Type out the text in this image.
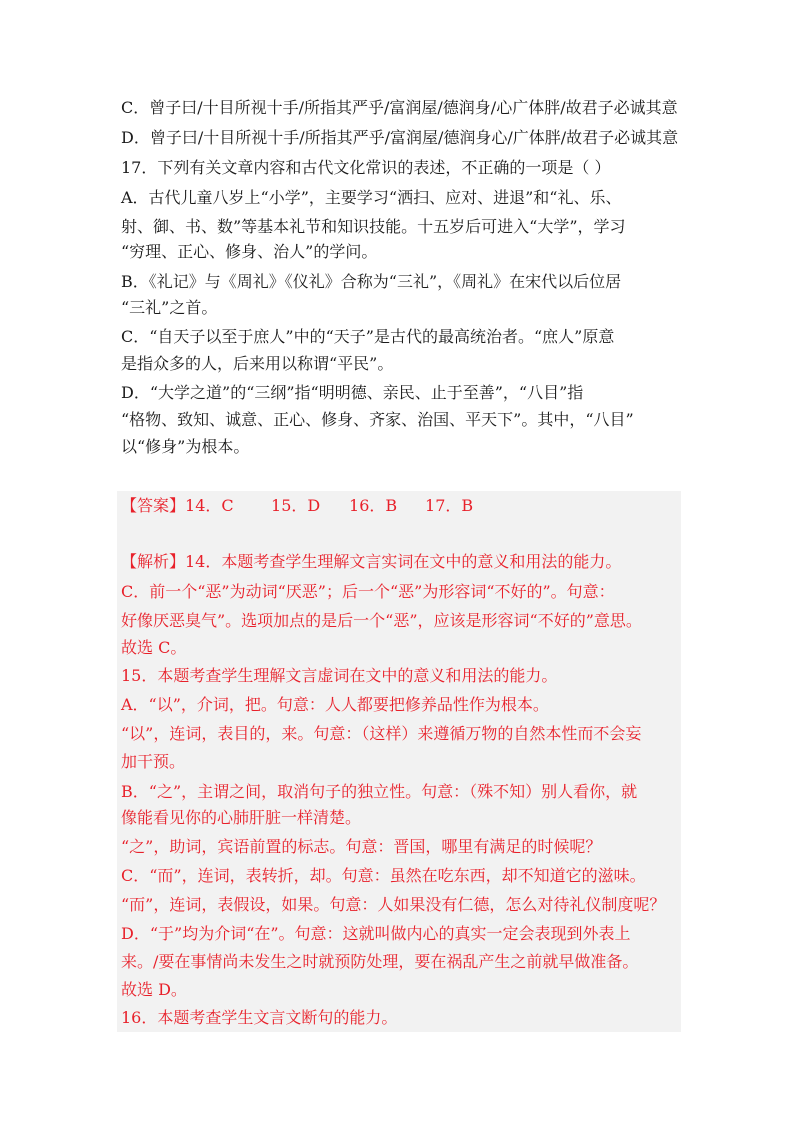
C．曾子曰/十目所视十手/所指其严乎/富润屋/德润身/心广体胖/故君子必诚其意
D．曾子曰/十目所视十手/所指其严乎/富润屋/德润身心/广体胖/故君子必诚其意
17．下列有关文章内容和古代文化常识的表述，不正确的一项是（ ）
A．古代儿童八岁上“小学”，主要学习“洒扫、应对、进退”和“礼、乐、
射、御、书、数”等基本礼节和知识技能。十五岁后可进入“大学”，学习
“穷理、正心、修身、治人”的学问。
B．《礼记》与《周礼》《仪礼》合称为“三礼”，《周礼》在宋代以后位居
“三礼”之首。
C．“自天子以至于庶人”中的“天子”是古代的最高统治者。“庶人”原意
是指众多的人，后来用以称谓“平民”。
D．“大学之道”的“三纲”指“明明德、亲民、止于至善”，“八目”指
“格物、致知、诚意、正心、修身、齐家、治国、平天下”。其中，“八目”
以“修身”为根本。
【答案】14．C 15．D 16．B 17．B
【解析】14．本题考查学生理解文言实词在文中的意义和用法的能力。
C．前一个“恶”为动词“厌恶”；后一个“恶”为形容词“不好的”。句意：
好像厌恶臭气”。选项加点的是后一个“恶”，应该是形容词“不好的”意思。
故选 C。
15．本题考查学生理解文言虚词在文中的意义和用法的能力。
A．“以”，介词，把。句意：人人都要把修养品性作为根本。
“以”，连词，表目的，来。句意：（这样）来遵循万物的自然本性而不会妄
加干预。
B．“之”，主谓之间，取消句子的独立性。句意：（殊不知）别人看你，就
像能看见你的心肺肝脏一样清楚。
“之”，助词，宾语前置的标志。句意：晋国，哪里有满足的时候呢？
C．“而”，连词，表转折，却。句意：虽然在吃东西，却不知道它的滋味。
“而”，连词，表假设，如果。句意：人如果没有仁德，怎么对待礼仪制度呢？
D．“于”均为介词“在”。句意：这就叫做内心的真实一定会表现到外表上
来。/要在事情尚未发生之时就预防处理，要在祸乱产生之前就早做准备。
故选 D。
16．本题考查学生文言文断句的能力。
